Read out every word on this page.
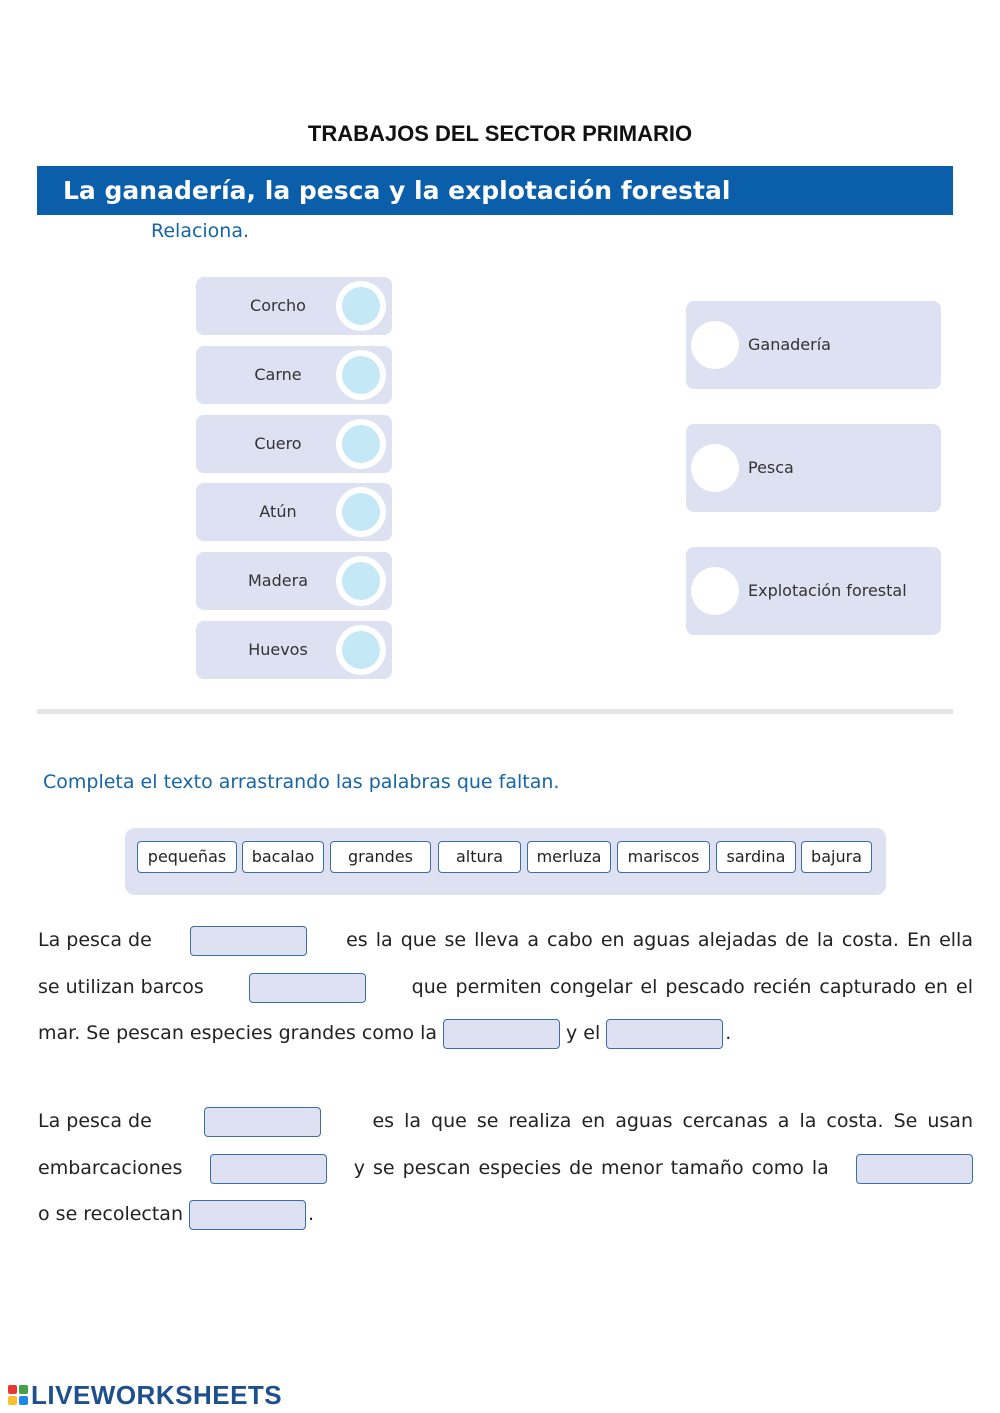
TRABAJOS DEL SECTOR PRIMARIO
La ganadería, la pesca y la explotación forestal
Relaciona.
Corcho
Carne
Cuero
Atún
Madera
Huevos
Ganadería
Pesca
Explotación forestal
Completa el texto arrastrando las palabras que faltan.
pequeñas	bacalao	grandes	altura	merluza	mariscos	sardina	bajura
La pesca de	es la que se lleva a cabo en aguas alejadas de la costa. En ella
se utilizan barcos	que permiten congelar el pescado recién capturado en el
mar. Se pescan especies grandes como la	y el	.
La pesca de	es la que se realiza en aguas cercanas a la costa. Se usan
embarcaciones	y se pescan especies de menor tamaño como la
o se recolectan	.
LIVEWORKSHEETS
